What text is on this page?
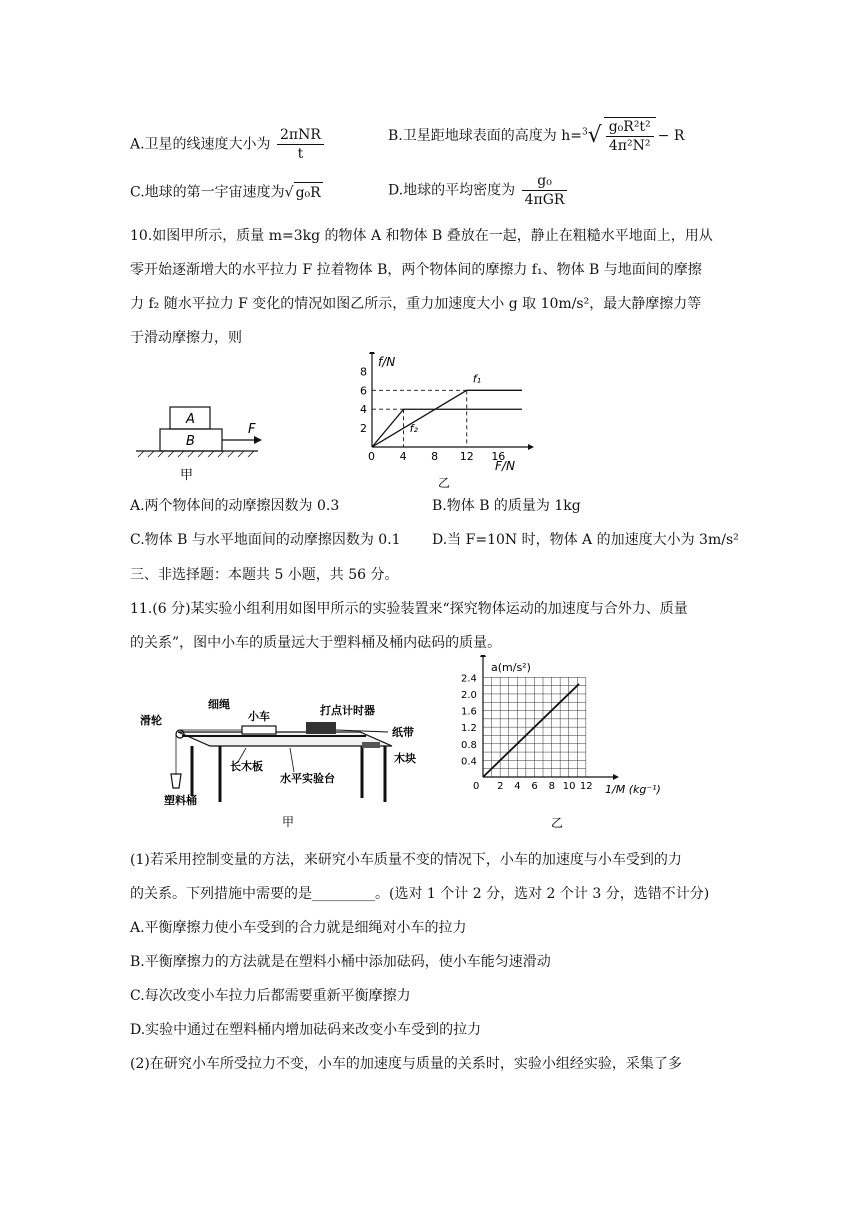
A.卫星的线速度大小为 $\frac{\text{2πNR}}{t}$	B.卫星距地球表面的高度为 $h=^3√ \frac{\text{g₀R²t²}}{\text{4π²N²}} - R$
C.地球的第一宇宙速度为√ g₀R	D.地球的平均密度为 $\frac{\text{g₀}}{\text{4πGR}}$
10.如图甲所示，质量 m=3kg 的物体 A 和物体 B 叠放在一起，静止在粗糙水平地面上，用从
零开始逐渐增大的水平拉力 F 拉着物体 B，两个物体间的摩擦力 f₁、物体 B 与地面间的摩擦
力 f₂ 随水平拉力 F 变化的情况如图乙所示，重力加速度大小 g 取 10m/s²，最大静摩擦力等
于滑动摩擦力，则
A
B
F
甲
f/N
F/N
乙
0 4 8 12 16
2
4
6
8
f₁
f₂
A.两个物体间的动摩擦因数为 0.3	B.物体 B 的质量为 1kg
C.物体 B 与水平地面间的动摩擦因数为 0.1 D.当 F=10N 时，物体 A 的加速度大小为 3m/s²
三、非选择题：本题共 5 小题，共 56 分。
11.(6 分)某实验小组利用如图甲所示的实验装置来“探究物体运动的加速度与合外力、质量
的关系”，图中小车的质量远大于塑料桶及桶内砝码的质量。
滑轮
细绳
小车	打点计时器
纸带
木块
长木板
水平实验台
塑料桶
甲
a(m/s²)
1/M (kg⁻¹)
乙
0 2 4 6 8 10 12
0.4
0.8
1.2
1.6
2.0
2.4
(1)若采用控制变量的方法，来研究小车质量不变的情况下，小车的加速度与小车受到的力
的关系。下列措施中需要的是_________。(选对 1 个计 2 分，选对 2 个计 3 分，选错不计分)
A.平衡摩擦力使小车受到的合力就是细绳对小车的拉力
B.平衡摩擦力的方法就是在塑料小桶中添加砝码，使小车能匀速滑动
C.每次改变小车拉力后都需要重新平衡摩擦力
D.实验中通过在塑料桶内增加砝码来改变小车受到的拉力
(2)在研究小车所受拉力不变，小车的加速度与质量的关系时，实验小组经实验，采集了多
